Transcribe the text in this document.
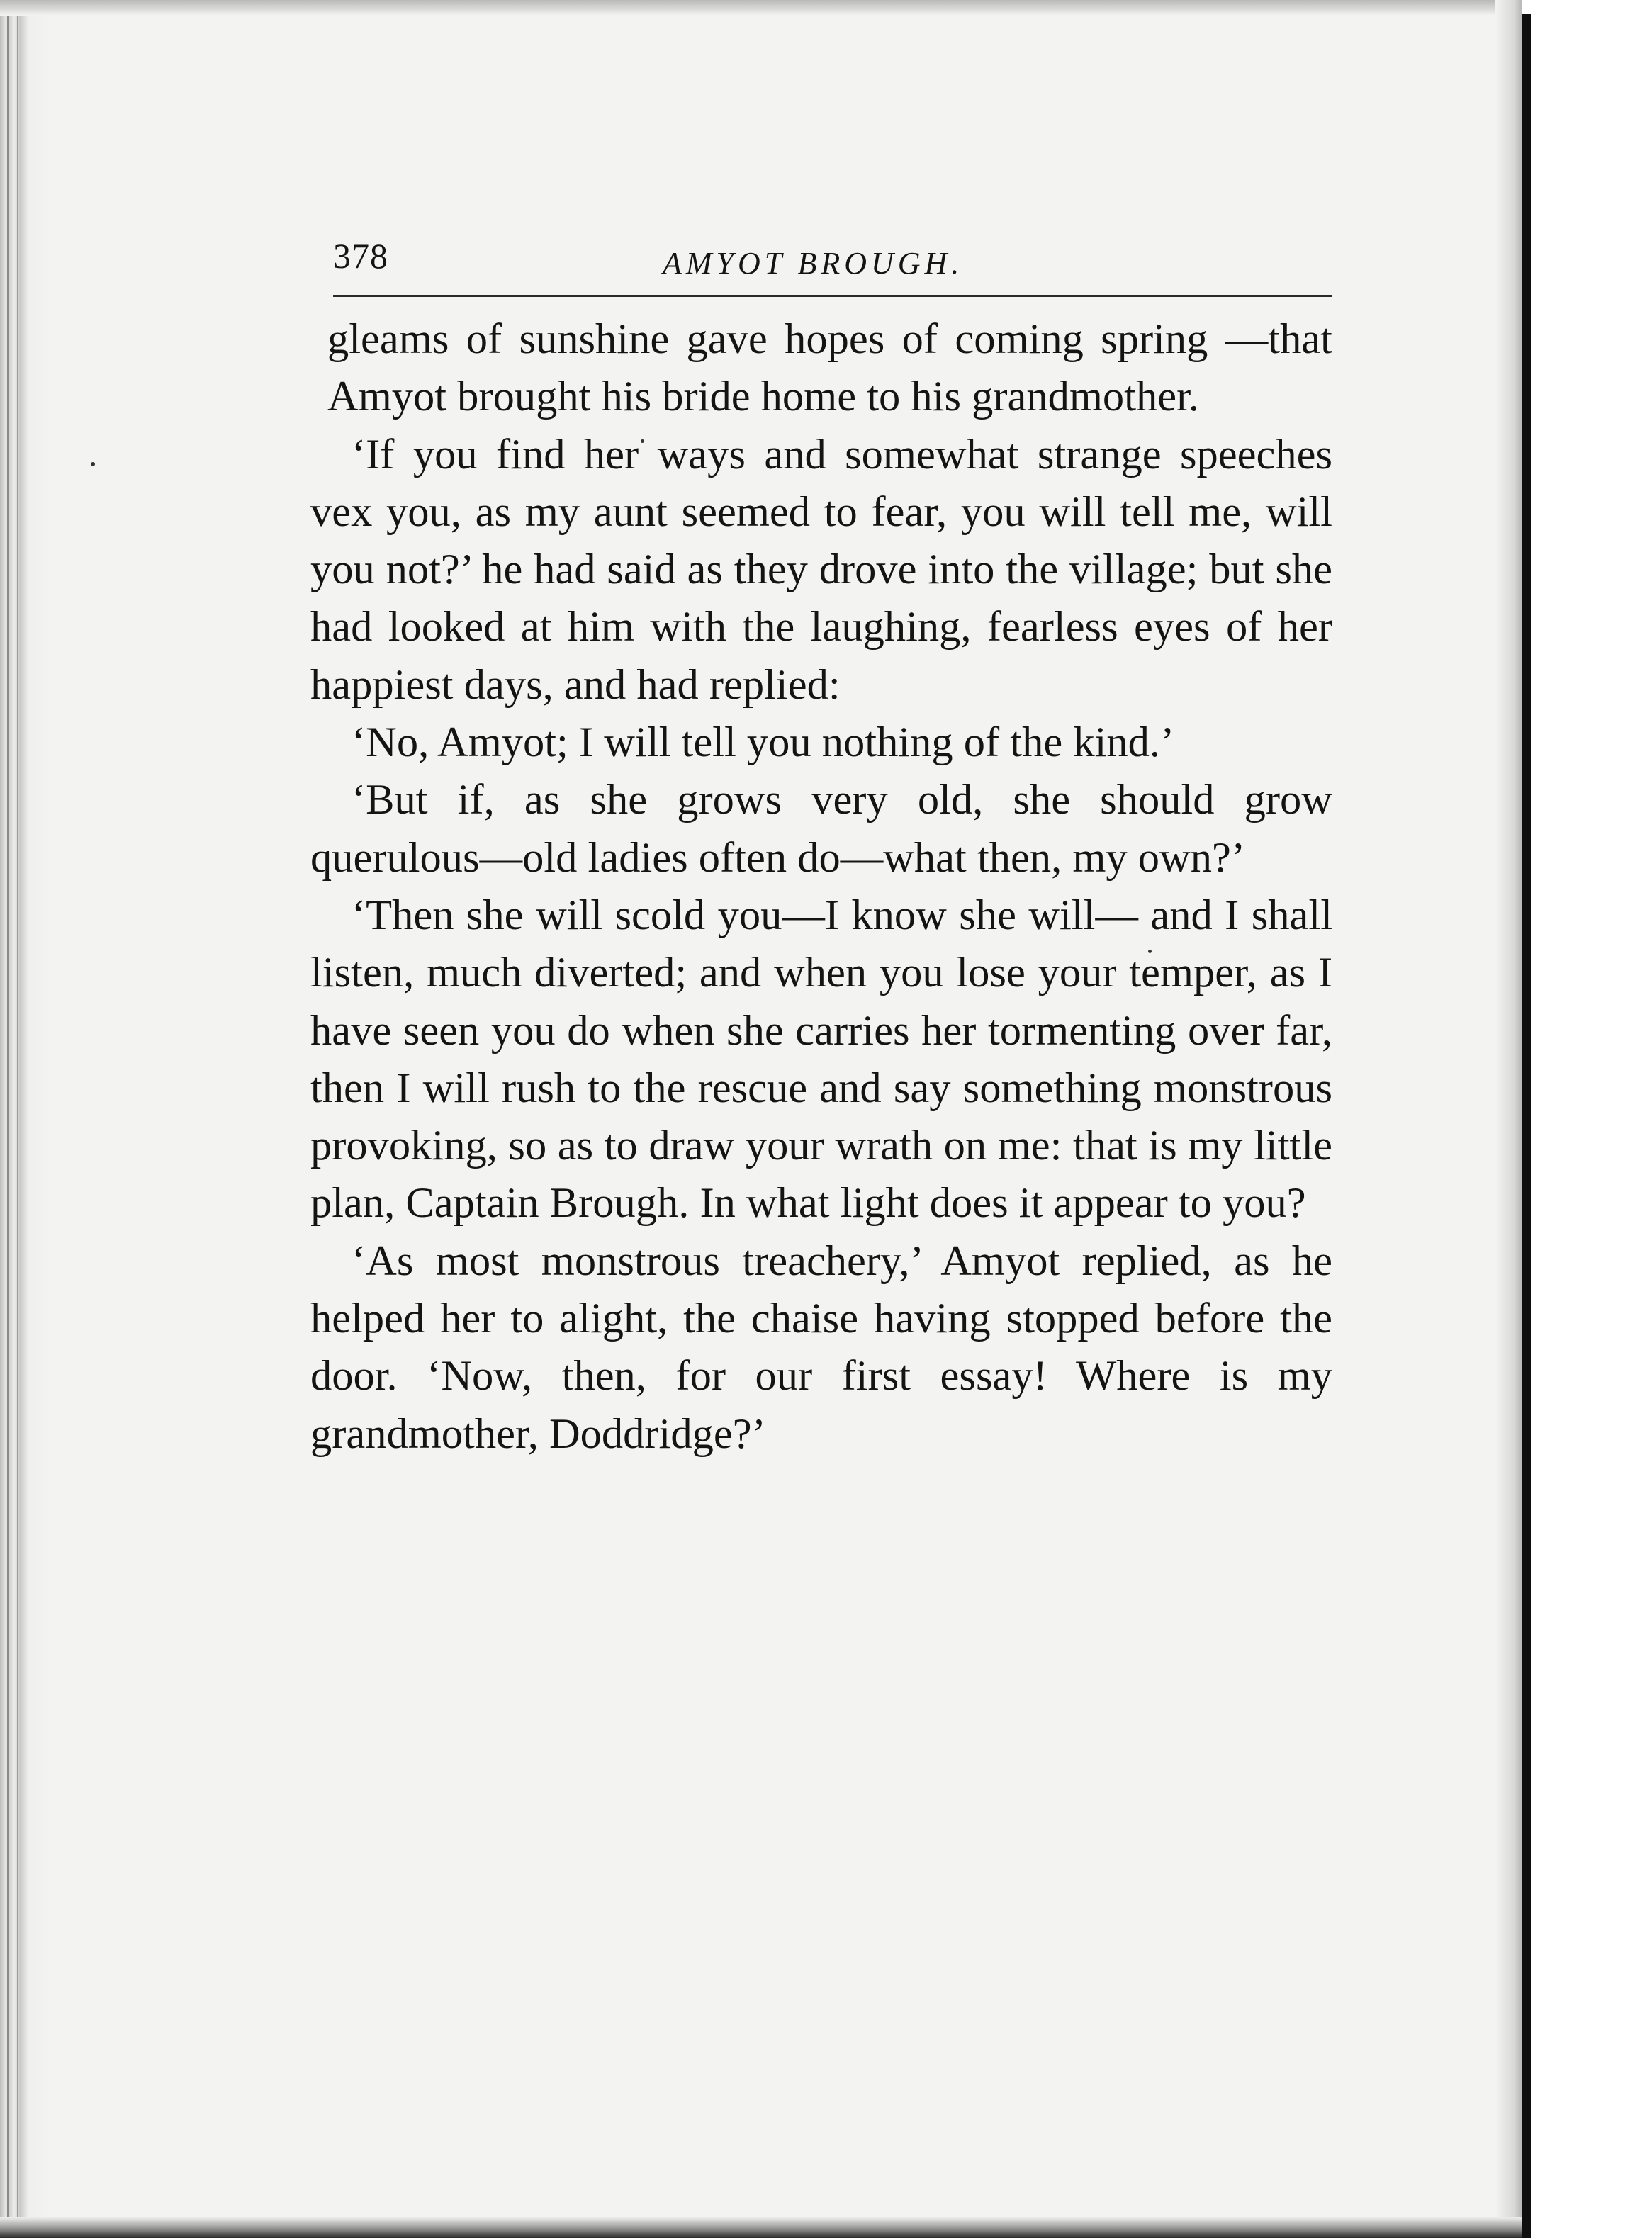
378	AMYOT BROUGH.

gleams of sunshine gave hopes of coming spring —that Amyot brought his bride home to his grandmother.

‘If you find her ways and somewhat strange speeches vex you, as my aunt seemed to fear, you will tell me, will you not?’ he had said as they drove into the village; but she had looked at him with the laughing, fearless eyes of her happiest days, and had replied:

‘No, Amyot; I will tell you nothing of the kind.’

‘But if, as she grows very old, she should grow querulous—old ladies often do—what then, my own?’

‘Then she will scold you—I know she will— and I shall listen, much diverted; and when you lose your temper, as I have seen you do when she carries her tormenting over far, then I will rush to the rescue and say something monstrous provoking, so as to draw your wrath on me: that is my little plan, Captain Brough. In what light does it appear to you?

‘As most monstrous treachery,’ Amyot replied, as he helped her to alight, the chaise having stopped before the door. ‘Now, then, for our first essay! Where is my grandmother, Doddridge?’
